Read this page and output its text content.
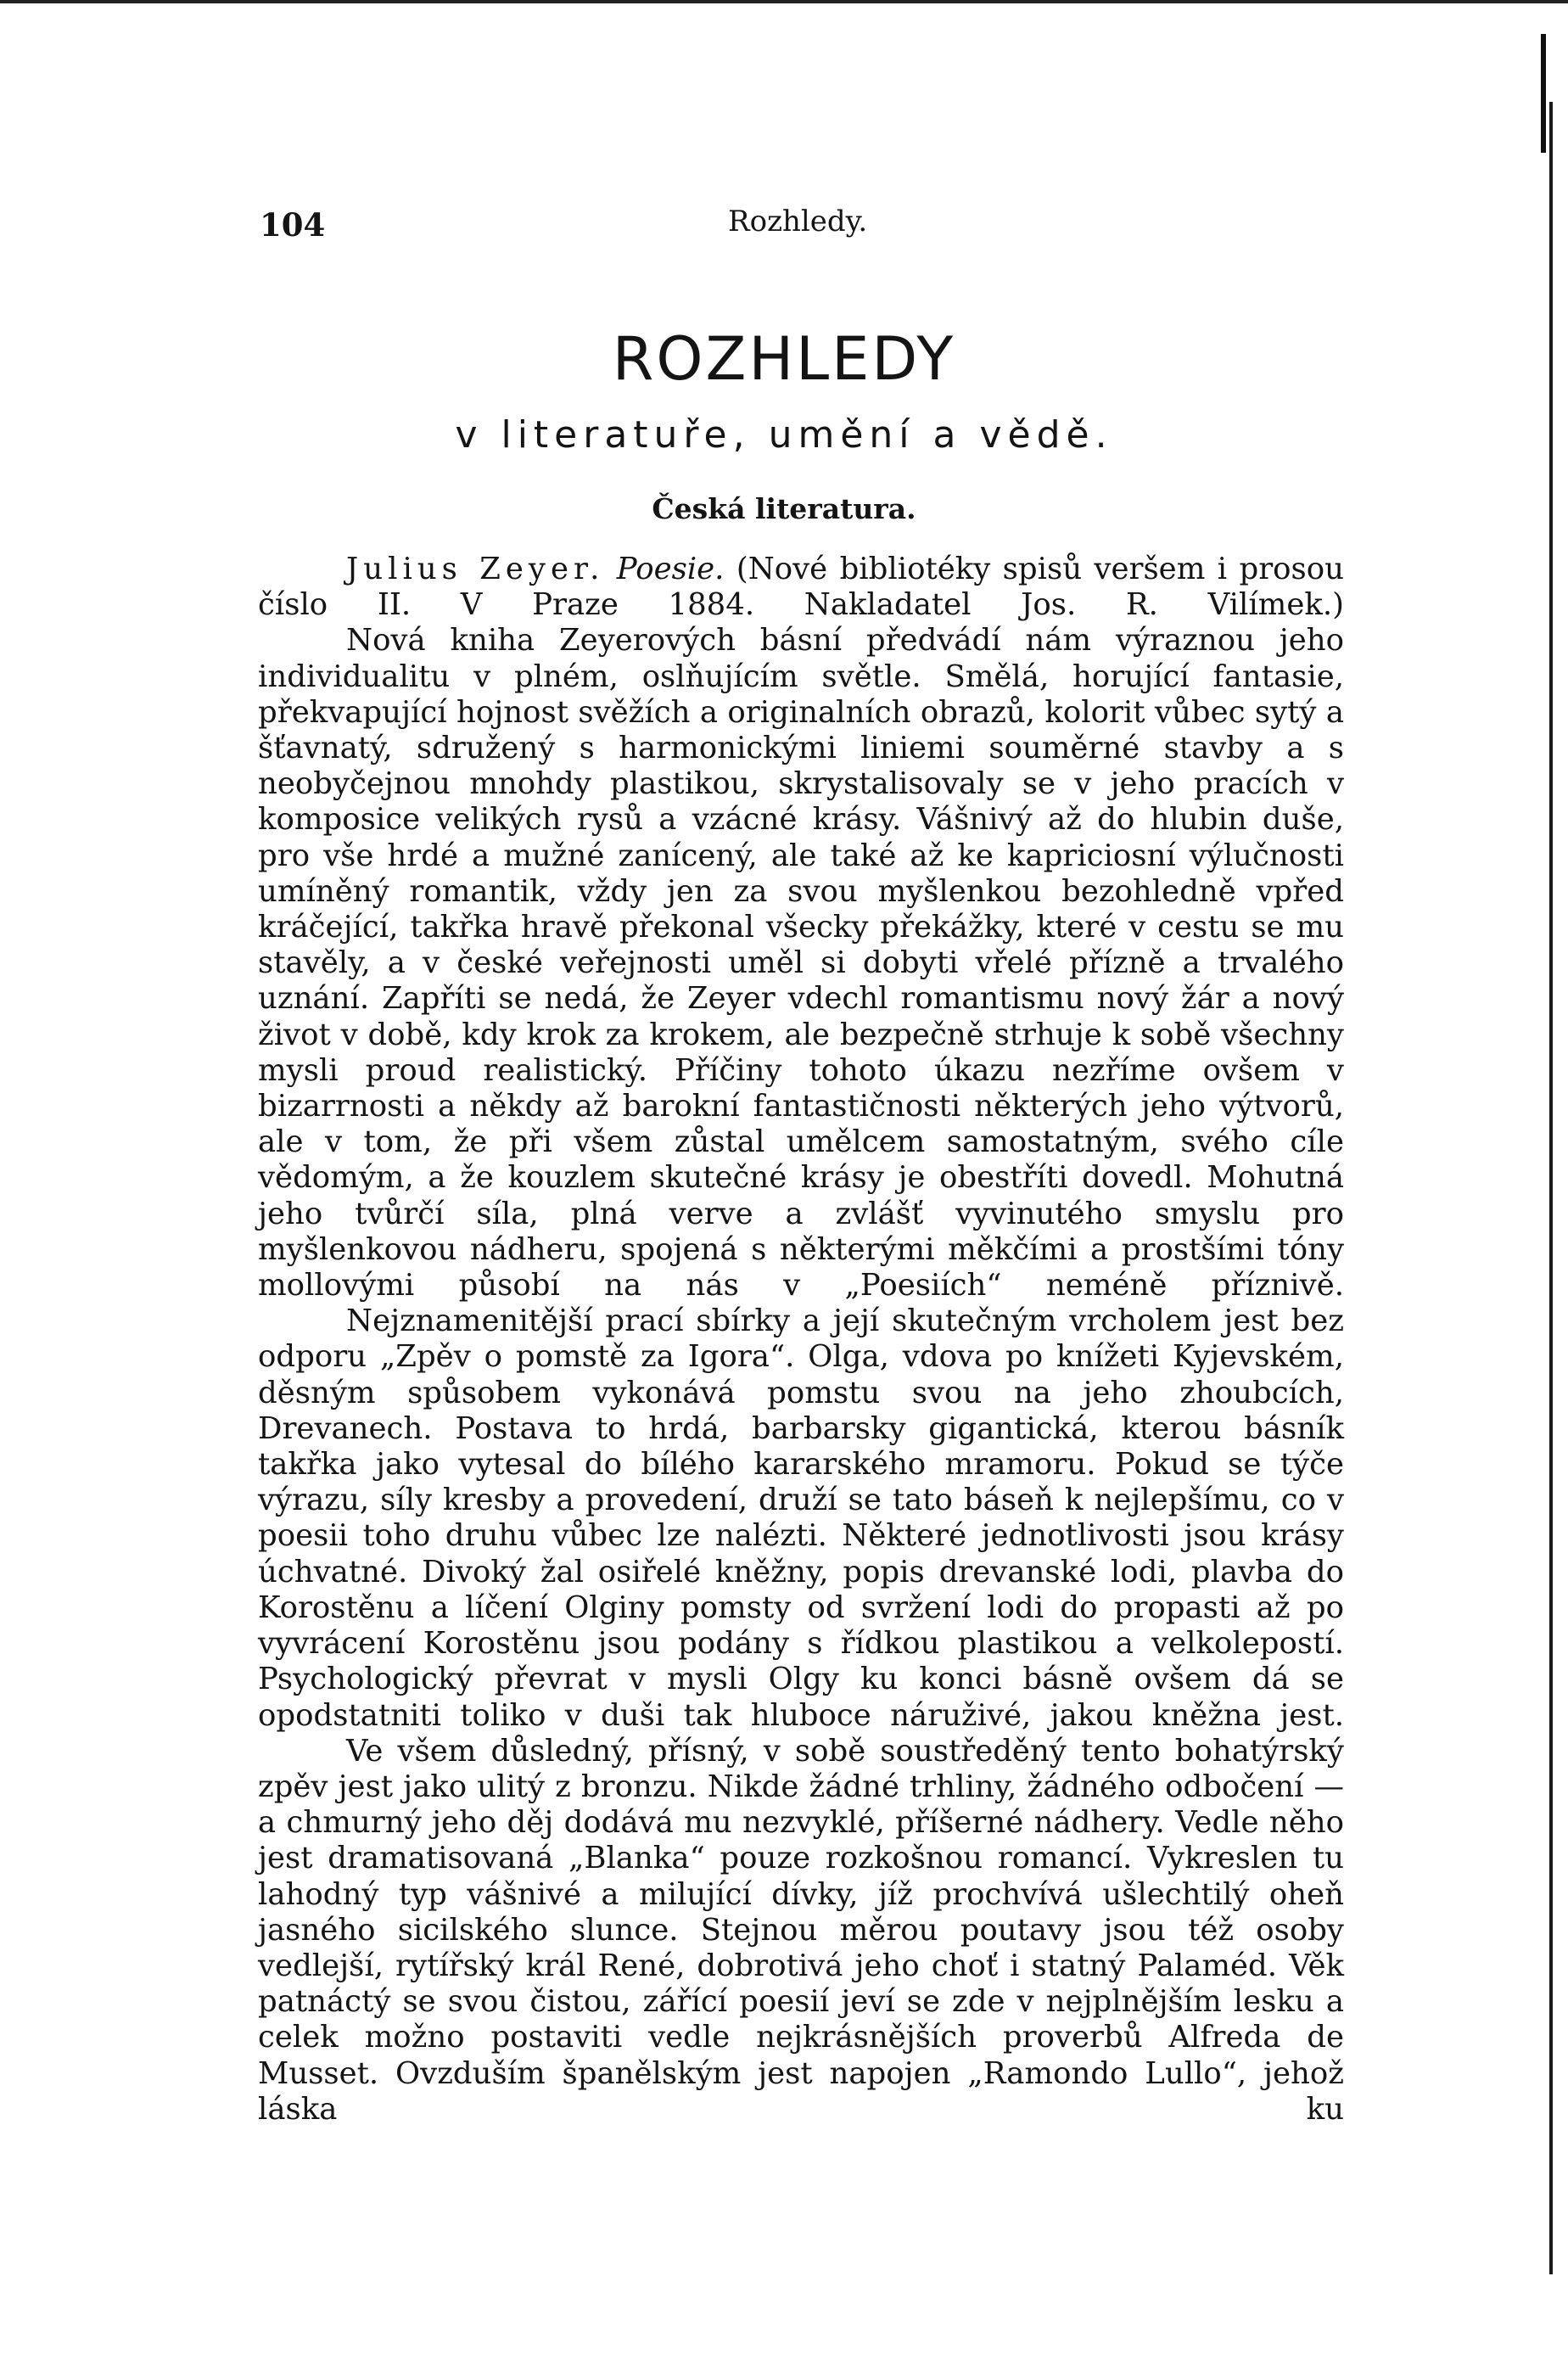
104	Rozhledy.
ROZHLEDY
v literatuře, umění a vědě.
Česká literatura.

Julius Zeyer. Poesie. (Nové bibliotéky spisů veršem i prosou číslo II. V Praze 1884. Nakladatel Jos. R. Vilímek.)

Nová kniha Zeyerových básní předvádí nám výraznou jeho individualitu v plném, oslňujícím světle. Smělá, horující fantasie, překvapující hojnost svěžích a originalních obrazů, kolorit vůbec sytý a šťavnatý, sdružený s harmonickými liniemi souměrné stavby a s neobyčejnou mnohdy plastikou, skrystalisovaly se v jeho pracích v komposice velikých rysů a vzácné krásy. Vášnivý až do hlubin duše, pro vše hrdé a mužné zanícený, ale také až ke kapriciosní výlučnosti umíněný romantik, vždy jen za svou myšlenkou bezohledně vpřed kráčející, takřka hravě překonal všecky překážky, které v cestu se mu stavěly, a v české veřejnosti uměl si dobyti vřelé přízně a trvalého uznání. Zapříti se nedá, že Zeyer vdechl romantismu nový žár a nový život v době, kdy krok za krokem, ale bezpečně strhuje k sobě všechny mysli proud realistický. Příčiny tohoto úkazu nezříme ovšem v bizarrnosti a někdy až barokní fantastičnosti některých jeho výtvorů, ale v tom, že při všem zůstal umělcem samostatným, svého cíle vědomým, a že kouzlem skutečné krásy je obestříti dovedl. Mohutná jeho tvůrčí síla, plná verve a zvlášť vyvinutého smyslu pro myšlenkovou nádheru, spojená s některými měkčími a prostšími tóny mollovými působí na nás v „Poesiích“ neméně příznivě.

Nejznamenitější prací sbírky a její skutečným vrcholem jest bez odporu „Zpěv o pomstě za Igora“. Olga, vdova po knížeti Kyjevském, děsným spůsobem vykonává pomstu svou na jeho zhoubcích, Drevanech. Postava to hrdá, barbarsky gigantická, kterou básník takřka jako vytesal do bílého kararského mramoru. Pokud se týče výrazu, síly kresby a provedení, druží se tato báseň k nejlepšímu, co v poesii toho druhu vůbec lze nalézti. Některé jednotlivosti jsou krásy úchvatné. Divoký žal osiřelé kněžny, popis drevanské lodi, plavba do Korostěnu a líčení Olginy pomsty od svržení lodi do propasti až po vyvrácení Korostěnu jsou podány s řídkou plastikou a velkolepostí. Psychologický převrat v mysli Olgy ku konci básně ovšem dá se opodstatniti toliko v duši tak hluboce náruživé, jakou kněžna jest.

Ve všem důsledný, přísný, v sobě soustředěný tento bohatýrský zpěv jest jako ulitý z bronzu. Nikde žádné trhliny, žádného odbočení — a chmurný jeho děj dodává mu nezvyklé, příšerné nádhery. Vedle něho jest dramatisovaná „Blanka“ pouze rozkošnou romancí. Vykreslen tu lahodný typ vášnivé a milující dívky, jíž prochvívá ušlechtilý oheň jasného sicilského slunce. Stejnou měrou poutavy jsou též osoby vedlejší, rytířský král René, dobrotivá jeho choť i statný Palaméd. Věk patnáctý se svou čistou, zářící poesií jeví se zde v nejplnějším lesku a celek možno postaviti vedle nejkrásnějších proverbů Alfreda de Musset. Ovzduším španělským jest napojen „Ramondo Lullo“, jehož láska ku
